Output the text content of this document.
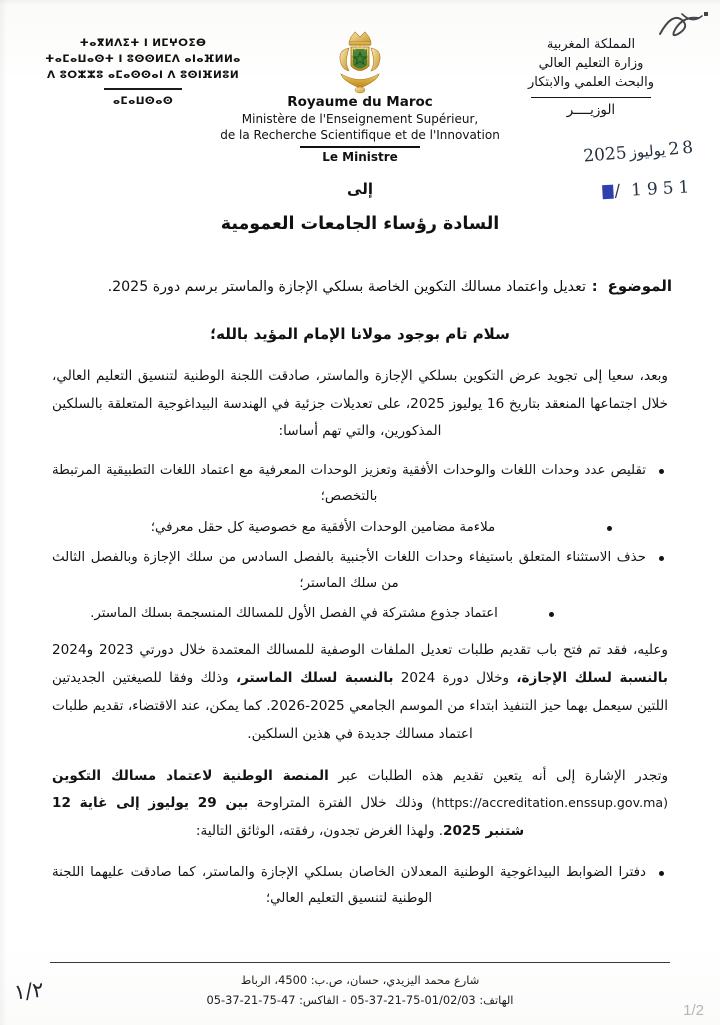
ⵜⴰⴳⵍⴷⵉⵜ ⵏ ⵍⵎⵖⵔⵉⴱ
ⵜⴰⵎⴰⵡⴰⵙⵜ ⵏ ⵓⵙⵙⵍⵎⴷ ⴰⵏⴰⴼⵍⵍⴰ
ⴷ ⵓⵔⵣⵣⵓ ⴰⵎⴰⵙⵙⴰⵏ ⴷ ⵓⵙⵏⴼⵍⵓⵍ
ⴰⵎⴰⵡⵙⴰⵙ	Royaume du Maroc
Ministère de l'Enseignement Supérieur,
de la Recherche Scientifique et de l'Innovation
Le Ministre
المملكة المغربية
وزارة التعليم العالي
والبحث العلمي والابتكار
الوزيــــر
28يوليوز2025
/ 1951
إلى
السادة رؤساء الجامعات العمومية
الموضوع:تعديل واعتماد مسالك التكوين الخاصة بسلكي الإجازة والماستر برسم دورة 2025.
سلام تام بوجود مولانا الإمام المؤيد بالله؛
وبعد، سعيا إلى تجويد عرض التكوين بسلكي الإجازة والماستر، صادقت اللجنة الوطنية لتنسيق التعليم العالي، خلال اجتماعها المنعقد بتاريخ 16 يوليوز 2025، على تعديلات جزئية في الهندسة البيداغوجية المتعلقة بالسلكين المذكورين، والتي تهم أساسا:
تقليص عدد وحدات اللغات والوحدات الأفقية وتعزيز الوحدات المعرفية مع اعتماد اللغات التطبيقية المرتبطة بالتخصص؛
ملاءمة مضامين الوحدات الأفقية مع خصوصية كل حقل معرفي؛
حذف الاستثناء المتعلق باستيفاء وحدات اللغات الأجنبية بالفصل السادس من سلك الإجازة وبالفصل الثالث من سلك الماستر؛
اعتماد جذوع مشتركة في الفصل الأول للمسالك المنسجمة بسلك الماستر.
وعليه، فقد تم فتح باب تقديم طلبات تعديل الملفات الوصفية للمسالك المعتمدة خلال دورتي 2023 و2024 بالنسبة لسلك الإجازة، وخلال دورة 2024 بالنسبة لسلك الماستر، وذلك وفقا للصيغتين الجديدتين اللتين سيعمل بهما حيز التنفيذ ابتداء من الموسم الجامعي 2025-2026. كما يمكن، عند الاقتضاء، تقديم طلبات اعتماد مسالك جديدة في هذين السلكين.
وتجدر الإشارة إلى أنه يتعين تقديم هذه الطلبات عبر المنصة الوطنية لاعتماد مسالك التكوين (https://accreditation.enssup.gov.ma) وذلك خلال الفترة المتراوحة بين 29 يوليوز إلى غاية 12 شتنبر 2025. ولهذا الغرض تجدون، رفقته، الوثائق التالية:
دفترا الضوابط البيداغوجية الوطنية المعدلان الخاصان بسلكي الإجازة والماستر، كما صادقت عليهما اللجنة الوطنية لتنسيق التعليم العالي؛
شارع محمد اليزيدي، حسان، ص.ب: 4500، الرباط
الهاتف: 05-37-21-75-01/02/03 - الفاكس: 05-37-21-75-47
١/٢
1/2
